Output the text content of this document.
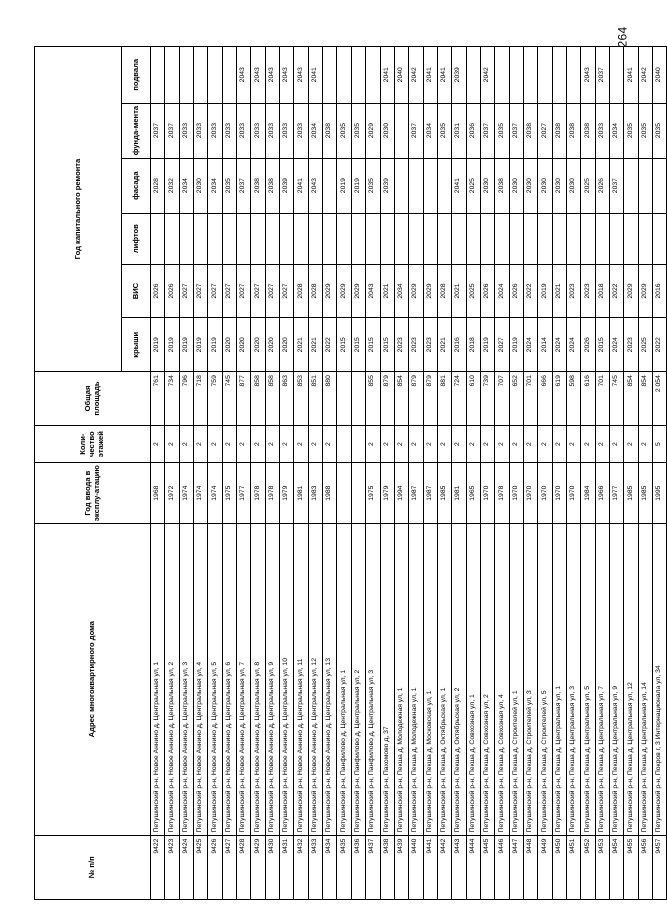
264
№ п/п	Адрес многоквартирного дома	Год ввода в эксплу-атацию	Коли-чество этажей	Общая площадь	Год капитального ремонта					
					крыши	ВИС	лифтов	фасада	фунда-мента	подвала
9422	Петушинский р-н, Новое Аннино д, Центральная ул, 1	1968	2	761	2019	2026		2028	2037	
9423	Петушинский р-н, Новое Аннино д, Центральная ул, 2	1972	2	734	2019	2026		2032	2037	
9424	Петушинский р-н, Новое Аннино д, Центральная ул, 3	1974	2	796	2019	2027		2034	2033	
9425	Петушинский р-н, Новое Аннино д, Центральная ул, 4	1974	2	718	2019	2027		2030	2033	
9426	Петушинский р-н, Новое Аннино д, Центральная ул, 5	1974	2	759	2019	2027		2034	2033	
9427	Петушинский р-н, Новое Аннино д, Центральная ул, 6	1975	2	745	2020	2027		2035	2033	
9428	Петушинский р-н, Новое Аннино д, Центральная ул, 7	1977	2	877	2020	2027		2037	2033	2043
9429	Петушинский р-н, Новое Аннино д, Центральная ул, 8	1978	2	858	2020	2027		2038	2033	2043
9430	Петушинский р-н, Новое Аннино д, Центральная ул, 9	1978	2	858	2020	2027		2038	2033	2043
9431	Петушинский р-н, Новое Аннино д, Центральная ул, 10	1979	2	863	2020	2027		2039	2033	2043
9432	Петушинский р-н, Новое Аннино д, Центральная ул, 11	1981	2	853	2021	2028		2041	2033	2043
9433	Петушинский р-н, Новое Аннино д, Центральная ул, 12	1983	2	851	2021	2028		2043	2034	2041
9434	Петушинский р-н, Новое Аннино д, Центральная ул, 13	1988	2	880	2022	2029			2038	
9435	Петушинский р-н, Панфилово д, Центральная ул, 1				2015	2029		2019	2035	
9436	Петушинский р-н, Панфилово д, Центральная ул, 2				2015	2029		2019	2035	
9437	Петушинский р-н, Панфилово д, Центральная ул, 3	1975	2	855	2015	2043		2035	2029	
9438	Петушинский р-н, Пахомово д, 37	1979	2	879	2015	2021		2039	2030	2041
9439	Петушинский р-н, Пекша д, Молодежная ул, 1	1994	2	854	2023	2034				2040
9440	Петушинский р-н, Пекша д, Молодежная ул, 1	1987	2	879	2023	2029			2037	2042
9441	Петушинский р-н, Пекша д, Московская ул, 1	1987	2	879	2023	2029			2034	2041
9442	Петушинский р-н, Пекша д, Октябрьская ул, 1	1985	2	881	2021	2028			2035	2041
9443	Петушинский р-н, Пекша д, Октябрьская ул, 2	1981	2	724	2016	2021		2041	2031	2039
9444	Петушинский р-н, Пекша д, Совхозная ул, 1	1965	2	610	2018	2025		2025	2036	
9445	Петушинский р-н, Пекша д, Совхозная ул, 2	1970	2	739	2019	2026		2030	2037	2042
9446	Петушинский р-н, Пекша д, Совхозная ул, 4	1978	2	707	2027	2024		2038	2035	
9447	Петушинский р-н, Пекша д, Строителей ул, 1	1970	2	652	2019	2026		2030	2037	
9448	Петушинский р-н, Пекша д, Строителей ул, 3	1970	2	701	2024	2022		2030	2038	
9449	Петушинский р-н, Пекша д, Строителей ул, 5	1970	2	666	2014	2019		2030	2027	
9450	Петушинский р-н, Пекша д, Центральная ул, 1	1970	2	619	2024	2021		2030	2038	
9451	Петушинский р-н, Пекша д, Центральная ул, 3	1970	2	598	2024	2023		2030	2038	
9452	Петушинский р-н, Пекша д, Центральная ул, 5	1984	2	616	2026	2023		2025	2038	2043
9453	Петушинский р-н, Пекша д, Центральная ул, 7	1966	2	701	2015	2018		2026	2033	2037
9454	Петушинский р-н, Пекша д, Центральная ул, 9	1977	2	745	2024	2022		2037	2034	
9455	Петушинский р-н, Пекша д, Центральная ул, 12	1985	2	854	2023	2029			2035	2041
9456	Петушинский р-н, Пекша д, Центральная ул, 14	1985	2	854	2025	2029			2035	2042
9457	Петушинский р-н, Покров г, 3 Интернационала ул, 34	1995	5	2 054	2022	2016			2035	2040
